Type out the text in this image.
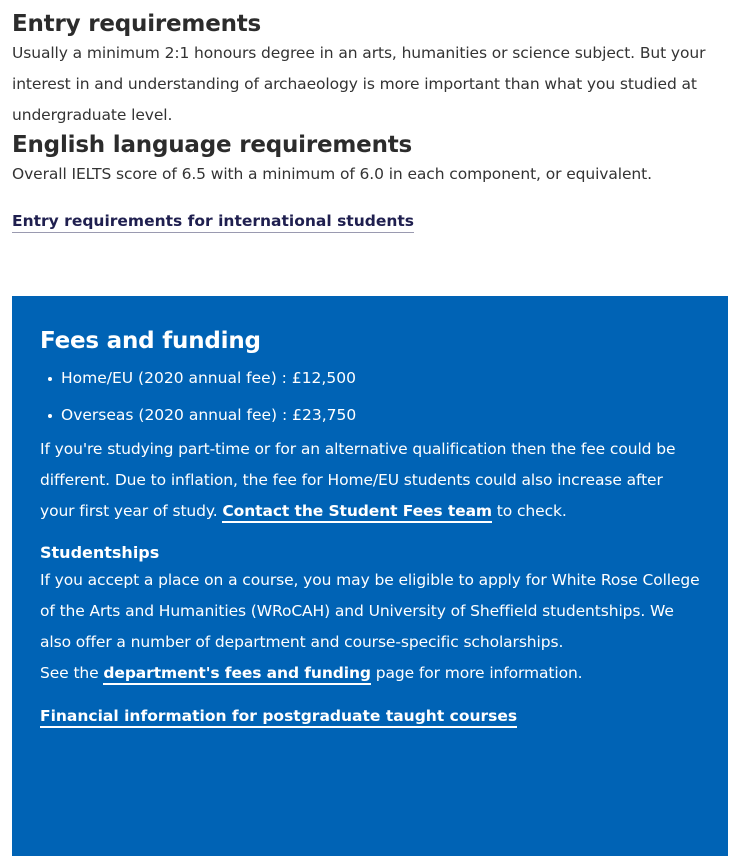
Entry requirements

Usually a minimum 2:1 honours degree in an arts, humanities or science subject. But your interest in and understanding of archaeology is more important than what you studied at undergraduate level.

English language requirements

Overall IELTS score of 6.5 with a minimum of 6.0 in each component, or equivalent.

Entry requirements for international students
Fees and funding
Home/EU (2020 annual fee) : £12,500
Overseas (2020 annual fee) : £23,750

If you're studying part-time or for an alternative qualification then the fee could be different. Due to inflation, the fee for Home/EU students could also increase after your first year of study. Contact the Student Fees team to check.

Studentships

If you accept a place on a course, you may be eligible to apply for White Rose College of the Arts and Humanities (WRoCAH) and University of Sheffield studentships. We also offer a number of department and course-specific scholarships.

See the department's fees and funding page for more information.

Financial information for postgraduate taught courses
